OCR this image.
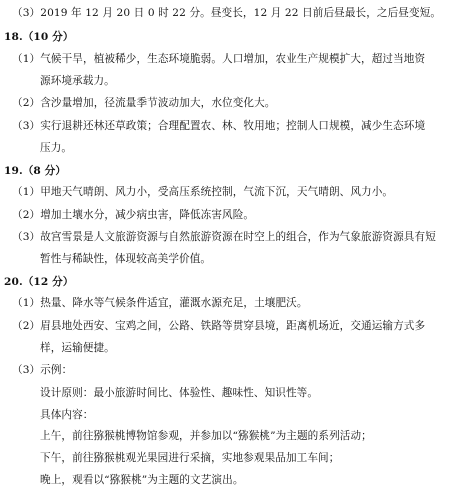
（3）2019 年 12 月 20 日 0 时 22 分。昼变长，12 月 22 日前后昼最长，之后昼变短。
18.（10 分）
（1）气候干旱，植被稀少，生态环境脆弱。人口增加，农业生产规模扩大，超过当地资
源环境承载力。
（2）含沙量增加，径流量季节波动加大，水位变化大。
（3）实行退耕还林还草政策；合理配置农、林、牧用地；控制人口规模，减少生态环境
压力。
19.（8 分）
（1）甲地天气晴朗、风力小，受高压系统控制，气流下沉，天气晴朗、风力小。
（2）增加土壤水分，减少病虫害，降低冻害风险。
（3）故宫雪景是人文旅游资源与自然旅游资源在时空上的组合，作为气象旅游资源具有短
暂性与稀缺性，体现较高美学价值。
20.（12 分）
（1）热量、降水等气候条件适宜，灌溉水源充足，土壤肥沃。
（2）眉县地处西安、宝鸡之间，公路、铁路等贯穿县境，距离机场近，交通运输方式多
样，运输便捷。
（3）示例：
设计原则：最小旅游时间比、体验性、趣味性、知识性等。
具体内容：
上午，前往猕猴桃博物馆参观，并参加以“猕猴桃”为主题的系列活动；
下午，前往猕猴桃观光果园进行采摘，实地参观果品加工车间；
晚上，观看以“猕猴桃”为主题的文艺演出。
